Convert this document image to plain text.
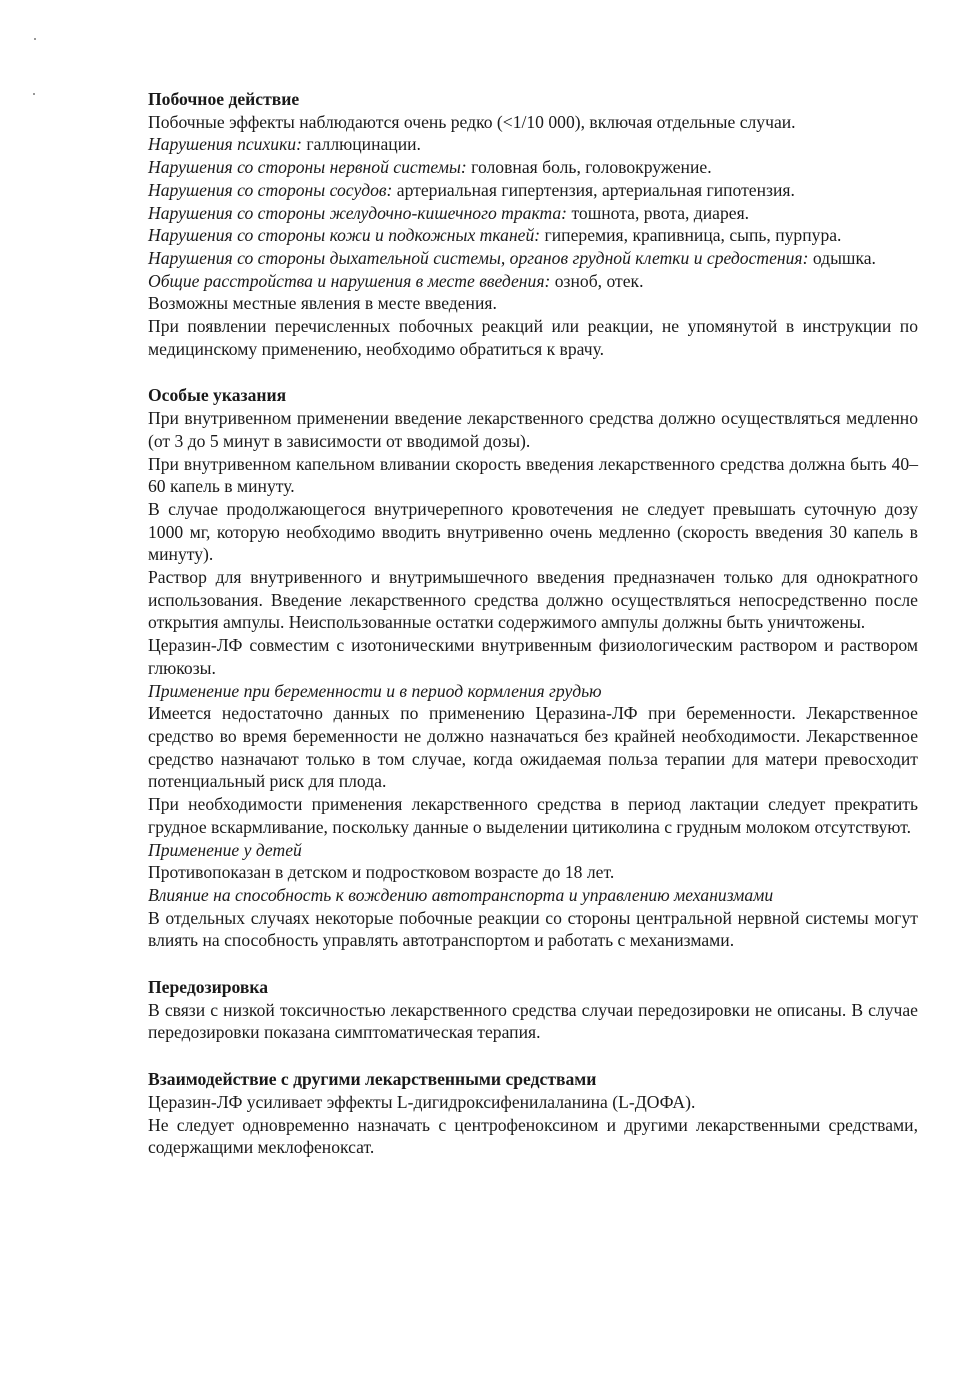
Побочное действие

Побочные эффекты наблюдаются очень редко (<1/10 000), включая отдельные случаи.

Нарушения психики: галлюцинации.

Нарушения со стороны нервной системы: головная боль, головокружение.

Нарушения со стороны сосудов: артериальная гипертензия, артериальная гипотензия.

Нарушения со стороны желудочно-кишечного тракта: тошнота, рвота, диарея.

Нарушения со стороны кожи и подкожных тканей: гиперемия, крапивница, сыпь, пурпура.

Нарушения со стороны дыхательной системы, органов грудной клетки и средостения: одышка.

Общие расстройства и нарушения в месте введения: озноб, отек.

Возможны местные явления в месте введения.

При появлении перечисленных побочных реакций или реакции, не упомянутой в инструкции по медицинскому применению, необходимо обратиться к врачу.

Особые указания

При внутривенном применении введение лекарственного средства должно осуществляться медленно (от 3 до 5 минут в зависимости от вводимой дозы).

При внутривенном капельном вливании скорость введения лекарственного средства должна быть 40–60 капель в минуту.

В случае продолжающегося внутричерепного кровотечения не следует превышать суточную дозу 1000 мг, которую необходимо вводить внутривенно очень медленно (скорость введения 30 капель в минуту).

Раствор для внутривенного и внутримышечного введения предназначен только для однократного использования. Введение лекарственного средства должно осуществляться непосредственно после открытия ампулы. Неиспользованные остатки содержимого ампулы должны быть уничтожены.

Церазин-ЛФ совместим с изотоническими внутривенным физиологическим раствором и раствором глюкозы.

Применение при беременности и в период кормления грудью

Имеется недостаточно данных по применению Церазина-ЛФ при беременности. Лекарственное средство во время беременности не должно назначаться без крайней необходимости. Лекарственное средство назначают только в том случае, когда ожидаемая польза терапии для матери превосходит потенциальный риск для плода.

При необходимости применения лекарственного средства в период лактации следует прекратить грудное вскармливание, поскольку данные о выделении цитиколина с грудным молоком отсутствуют.

Применение у детей

Противопоказан в детском и подростковом возрасте до 18 лет.

Влияние на способность к вождению автотранспорта и управлению механизмами

В отдельных случаях некоторые побочные реакции со стороны центральной нервной системы могут влиять на способность управлять автотранспортом и работать с механизмами.

Передозировка

В связи с низкой токсичностью лекарственного средства случаи передозировки не описаны. В случае передозировки показана симптоматическая терапия.

Взаимодействие с другими лекарственными средствами

Церазин-ЛФ усиливает эффекты L-дигидроксифенилаланина (L-ДОФА).

Не следует одновременно назначать с центрофеноксином и другими лекарственными средствами, содержащими меклофеноксат.
